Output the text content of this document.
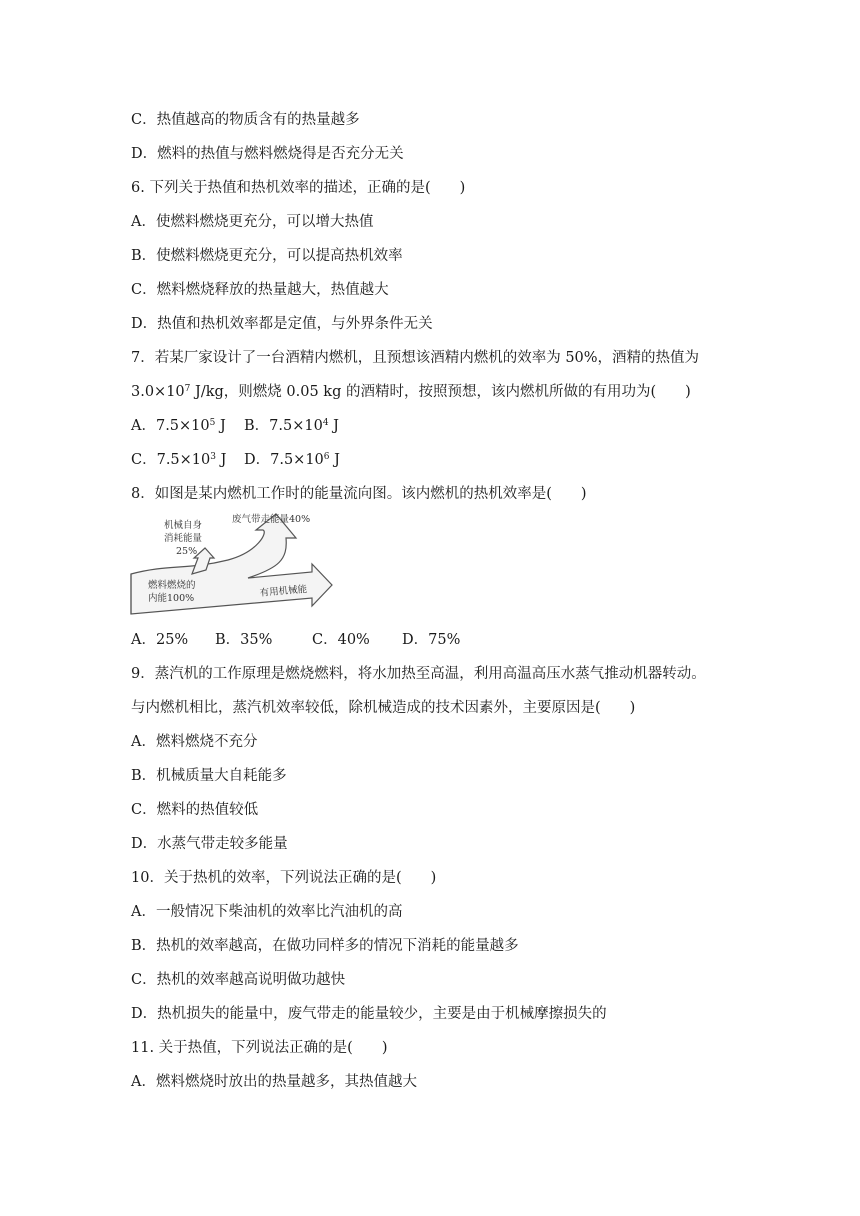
C．热值越高的物质含有的热量越多
D．燃料的热值与燃料燃烧得是否充分无关
6. 下列关于热值和热机效率的描述，正确的是(　　)
A．使燃料燃烧更充分，可以增大热值
B．使燃料燃烧更充分，可以提高热机效率
C．燃料燃烧释放的热量越大，热值越大
D．热值和热机效率都是定值，与外界条件无关
7．若某厂家设计了一台酒精内燃机，且预想该酒精内燃机的效率为 50%，酒精的热值为
$3.0\times 10^7$ J/kg，则燃烧 0.05 kg 的酒精时，按照预想，该内燃机所做的有用功为(　　)
A．$7.5\times 10^5$ J B．$7.5\times 10^4$ J
C．$7.5\times 10^3$ J D．$7.5\times 10^6$ J
8．如图是某内燃机工作时的能量流向图。该内燃机的热机效率是(　　)
机械自身
消耗能量
25%
废气带走能量40%
燃料燃烧的
内能100%	有用机械能
A．25% B．35%	C．40% D．75%
9．蒸汽机的工作原理是燃烧燃料，将水加热至高温，利用高温高压水蒸气推动机器转动。
与内燃机相比，蒸汽机效率较低，除机械造成的技术因素外，主要原因是(　　)
A．燃料燃烧不充分
B．机械质量大自耗能多
C．燃料的热值较低
D．水蒸气带走较多能量
10．关于热机的效率，下列说法正确的是(　　)
A．一般情况下柴油机的效率比汽油机的高
B．热机的效率越高，在做功同样多的情况下消耗的能量越多
C．热机的效率越高说明做功越快
D．热机损失的能量中，废气带走的能量较少，主要是由于机械摩擦损失的
11. 关于热值，下列说法正确的是(　　)
A．燃料燃烧时放出的热量越多，其热值越大
